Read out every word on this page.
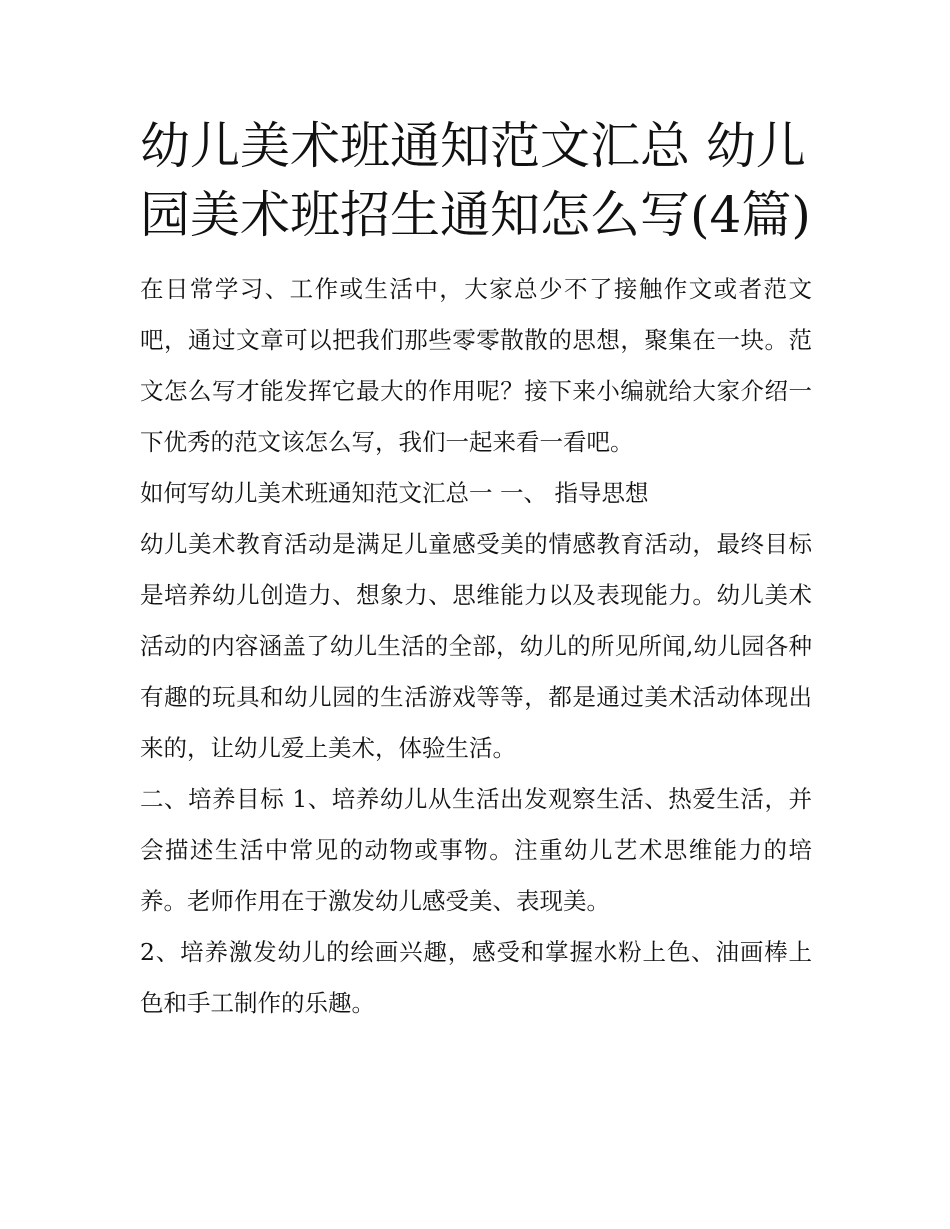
幼儿美术班通知范文汇总 幼儿园美术班招生通知怎么写(4篇)

在日常学习、工作或生活中，大家总少不了接触作文或者范文吧，通过文章可以把我们那些零零散散的思想，聚集在一块。范文怎么写才能发挥它最大的作用呢？接下来小编就给大家介绍一下优秀的范文该怎么写，我们一起来看一看吧。

如何写幼儿美术班通知范文汇总一 一、 指导思想

幼儿美术教育活动是满足儿童感受美的情感教育活动，最终目标是培养幼儿创造力、想象力、思维能力以及表现能力。幼儿美术活动的内容涵盖了幼儿生活的全部，幼儿的所见所闻,幼儿园各种有趣的玩具和幼儿园的生活游戏等等，都是通过美术活动体现出来的，让幼儿爱上美术，体验生活。

二、培养目标 1、培养幼儿从生活出发观察生活、热爱生活，并会描述生活中常见的动物或事物。注重幼儿艺术思维能力的培养。老师作用在于激发幼儿感受美、表现美。

2、培养激发幼儿的绘画兴趣，感受和掌握水粉上色、油画棒上色和手工制作的乐趣。
